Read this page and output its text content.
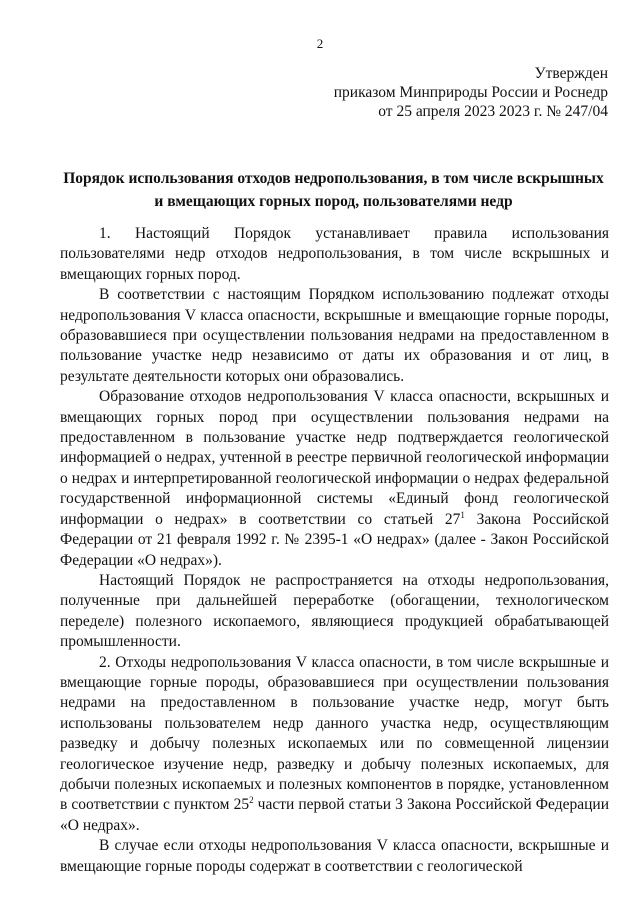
2
Утвержден
приказом Минприроды России и Роснедр
от 25 апреля 2023 2023 г. № 247/04
Порядок использования отходов недропользования, в том числе вскрышных
и вмещающих горных пород, пользователями недр

1. Настоящий Порядок устанавливает правила использования пользователями недр отходов недропользования, в том числе вскрышных и вмещающих горных пород.

В соответствии с настоящим Порядком использованию подлежат отходы недропользования V класса опасности, вскрышные и вмещающие горные породы, образовавшиеся при осуществлении пользования недрами на предоставленном в пользование участке недр независимо от даты их образования и от лиц, в результате деятельности которых они образовались.

Образование отходов недропользования V класса опасности, вскрышных и вмещающих горных пород при осуществлении пользования недрами на предоставленном в пользование участке недр подтверждается геологической информацией о недрах, учтенной в реестре первичной геологической информации о недрах и интерпретированной геологической информации о недрах федеральной государственной информационной системы «Единый фонд геологической информации о недрах» в соответствии со статьей $27^1$ Закона Российской Федерации от 21 февраля 1992 г. № 2395-1 «О недрах» (далее - Закон Российской Федерации «О недрах»).

Настоящий Порядок не распространяется на отходы недропользования, полученные при дальнейшей переработке (обогащении, технологическом переделе) полезного ископаемого, являющиеся продукцией обрабатывающей промышленности.

2. Отходы недропользования V класса опасности, в том числе вскрышные и вмещающие горные породы, образовавшиеся при осуществлении пользования недрами на предоставленном в пользование участке недр, могут быть использованы пользователем недр данного участка недр, осуществляющим разведку и добычу полезных ископаемых или по совмещенной лицензии геологическое изучение недр, разведку и добычу полезных ископаемых, для добычи полезных ископаемых и полезных компонентов в порядке, установленном в соответствии с пунктом $25^2$ части первой статьи 3 Закона Российской Федерации «О недрах».

В случае если отходы недропользования V класса опасности, вскрышные и вмещающие горные породы содержат в соответствии с геологической
